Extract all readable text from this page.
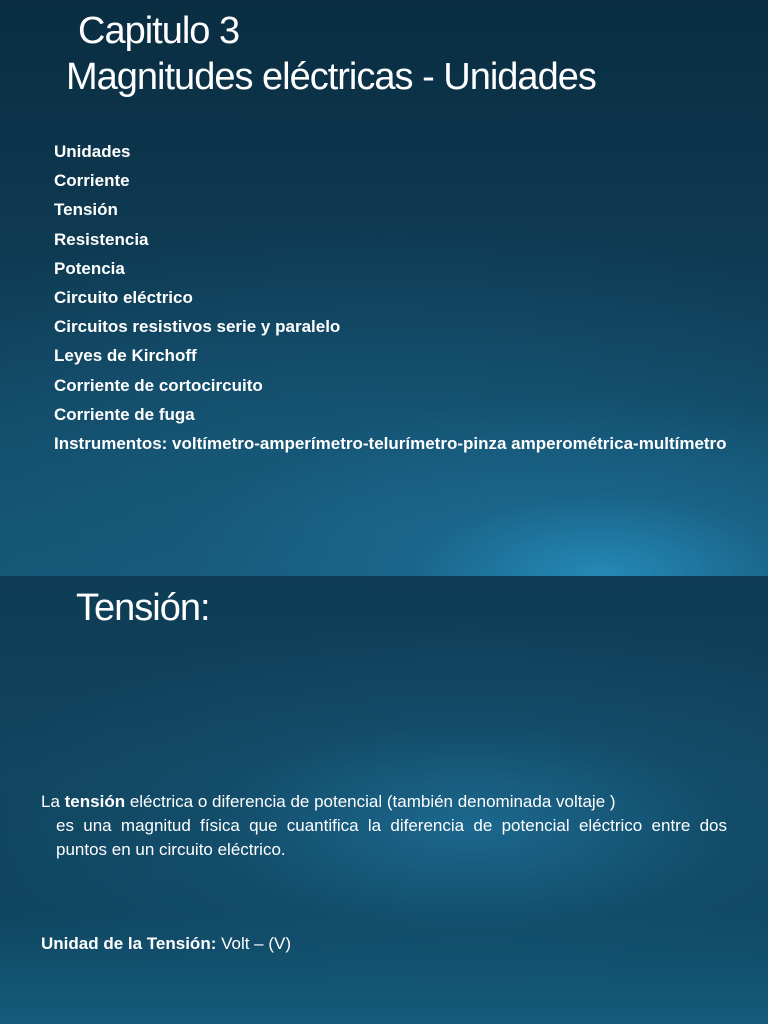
Capitulo 3
Magnitudes eléctricas - Unidades
Unidades
Corriente
Tensión
Resistencia
Potencia
Circuito eléctrico
Circuitos resistivos serie y paralelo
Leyes de Kirchoff
Corriente de cortocircuito
Corriente de fuga
Instrumentos: voltímetro-amperímetro-telurímetro-pinza amperométrica-multímetro
Tensión:

La tensión eléctrica o diferencia de potencial (también denominada voltaje )
es una magnitud física que cuantifica la diferencia de potencial eléctrico entre dos puntos en un circuito eléctrico.

Unidad de la Tensión: Volt – (V)
